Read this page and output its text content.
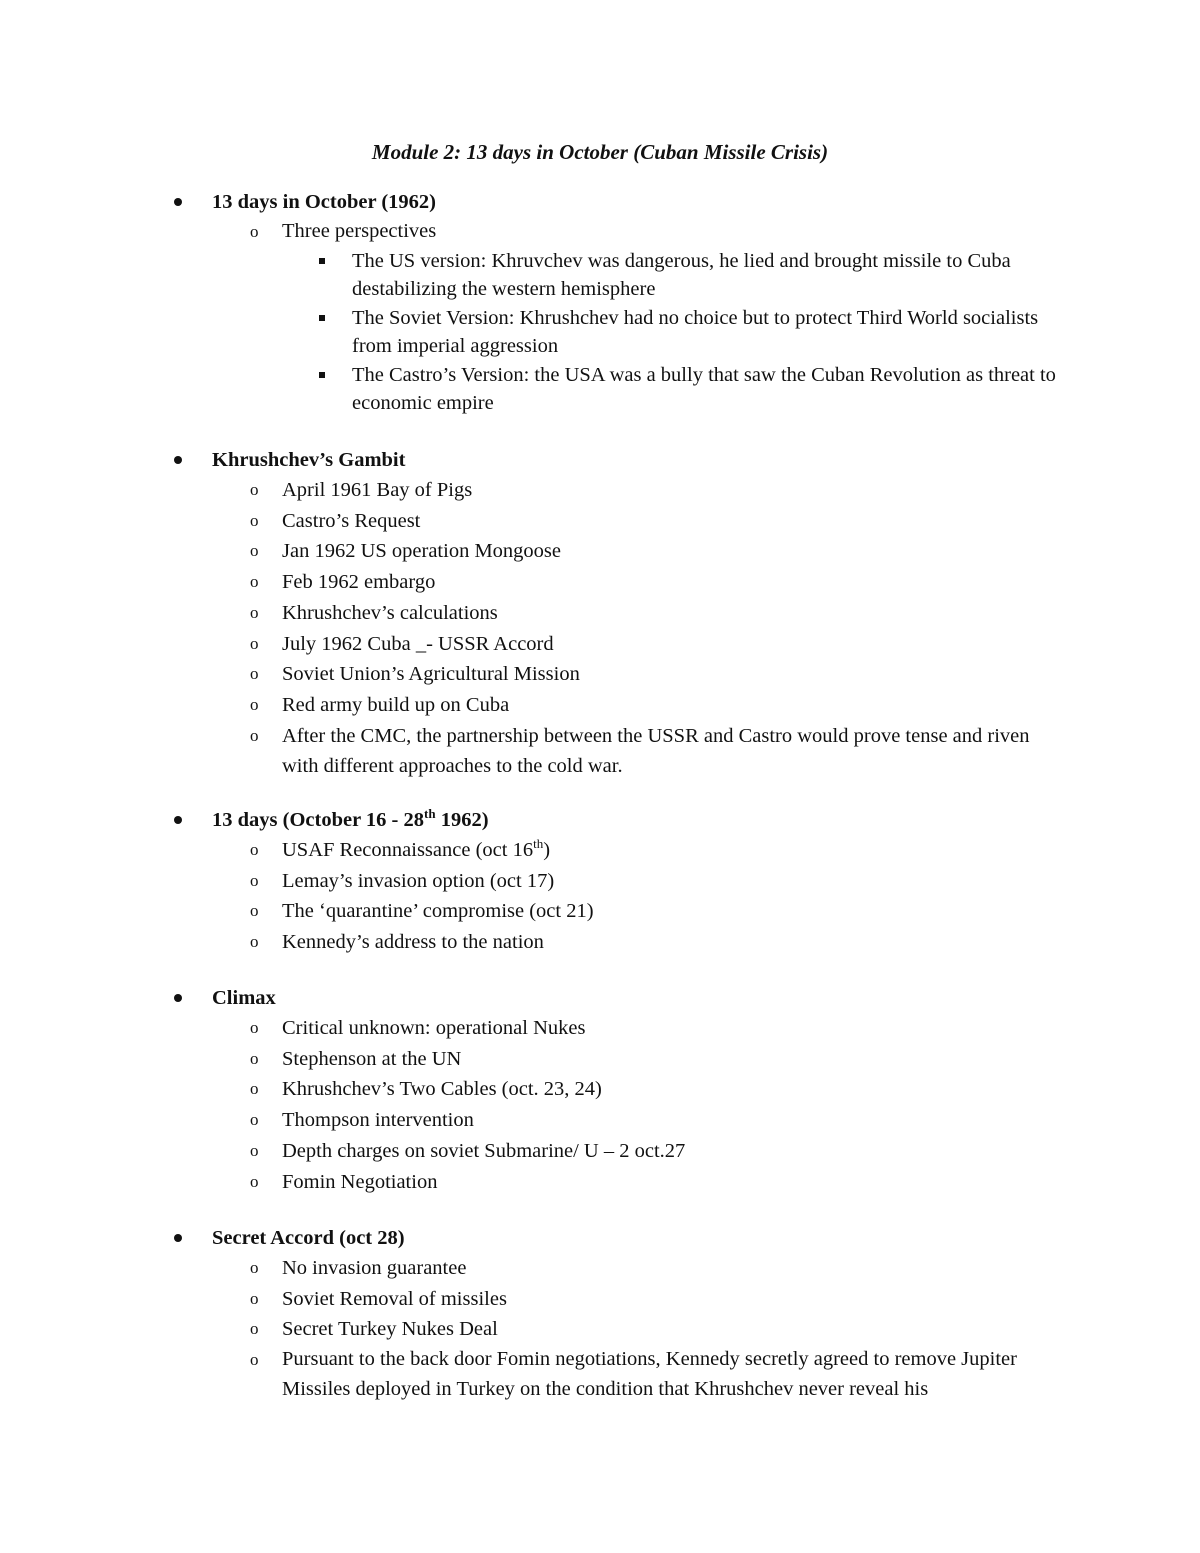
Module 2: 13 days in October (Cuban Missile Crisis)
13 days in October (1962)
o Three perspectives
The US version: Khruvchev was dangerous, he lied and brought missile to Cuba destabilizing the western hemisphere
The Soviet Version: Khrushchev had no choice but to protect Third World socialists from imperial aggression
The Castro’s Version: the USA was a bully that saw the Cuban Revolution as threat to economic empire
Khrushchev’s Gambit
o April 1961 Bay of Pigs
o Castro’s Request
o Jan 1962 US operation Mongoose
o Feb 1962 embargo
o Khrushchev’s calculations
o July 1962 Cuba _- USSR Accord
o Soviet Union’s Agricultural Mission
o Red army build up on Cuba
o After the CMC, the partnership between the USSR and Castro would prove tense and riven with different approaches to the cold war.
13 days (October 16 - 28th 1962)
o USAF Reconnaissance (oct 16th)
o Lemay’s invasion option (oct 17)
o The ‘quarantine’ compromise (oct 21)
o Kennedy’s address to the nation
Climax
o Critical unknown: operational Nukes
o Stephenson at the UN
o Khrushchev’s Two Cables (oct. 23, 24)
o Thompson intervention
o Depth charges on soviet Submarine/ U – 2 oct.27
o Fomin Negotiation
Secret Accord (oct 28)
o No invasion guarantee
o Soviet Removal of missiles
o Secret Turkey Nukes Deal
o Pursuant to the back door Fomin negotiations, Kennedy secretly agreed to remove Jupiter Missiles deployed in Turkey on the condition that Khrushchev never reveal his
